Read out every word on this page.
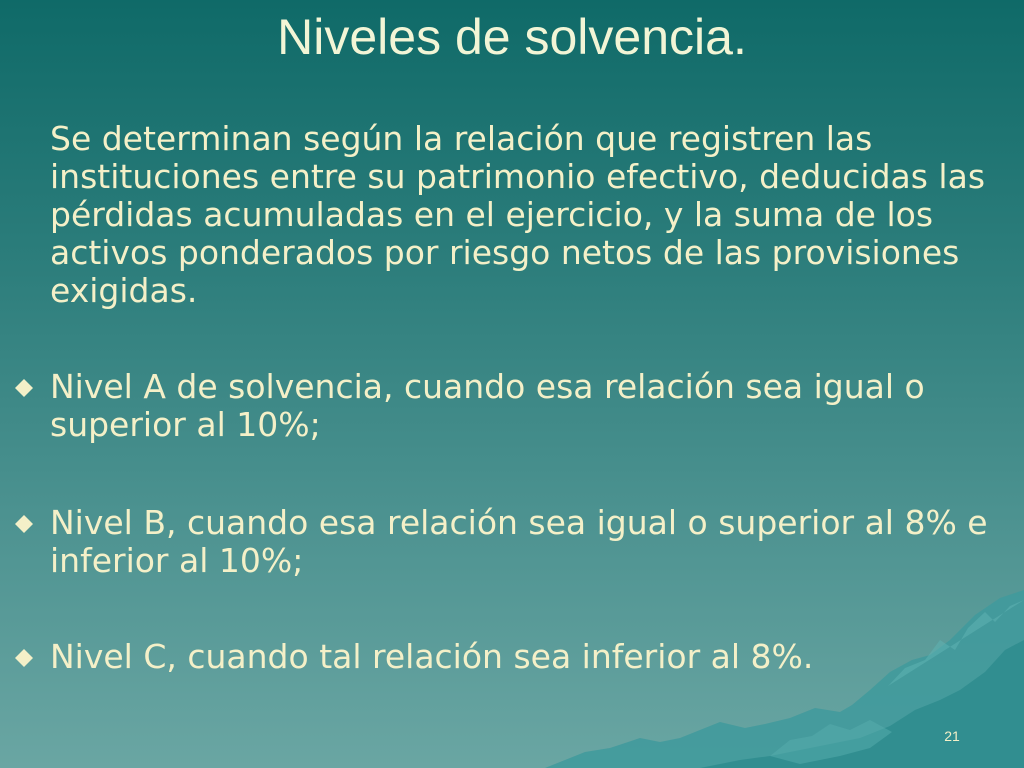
Niveles de solvencia.

Se determinan según la relación que registren las instituciones entre su patrimonio efectivo, deducidas las pérdidas acumuladas en el ejercicio, y la suma de los activos ponderados por riesgo netos de las provisiones exigidas.

Nivel A de solvencia, cuando esa relación sea igual o superior al 10%;

Nivel B, cuando esa relación sea igual o superior al 8% e inferior al 10%;

Nivel C, cuando tal relación sea inferior al 8%.

21
